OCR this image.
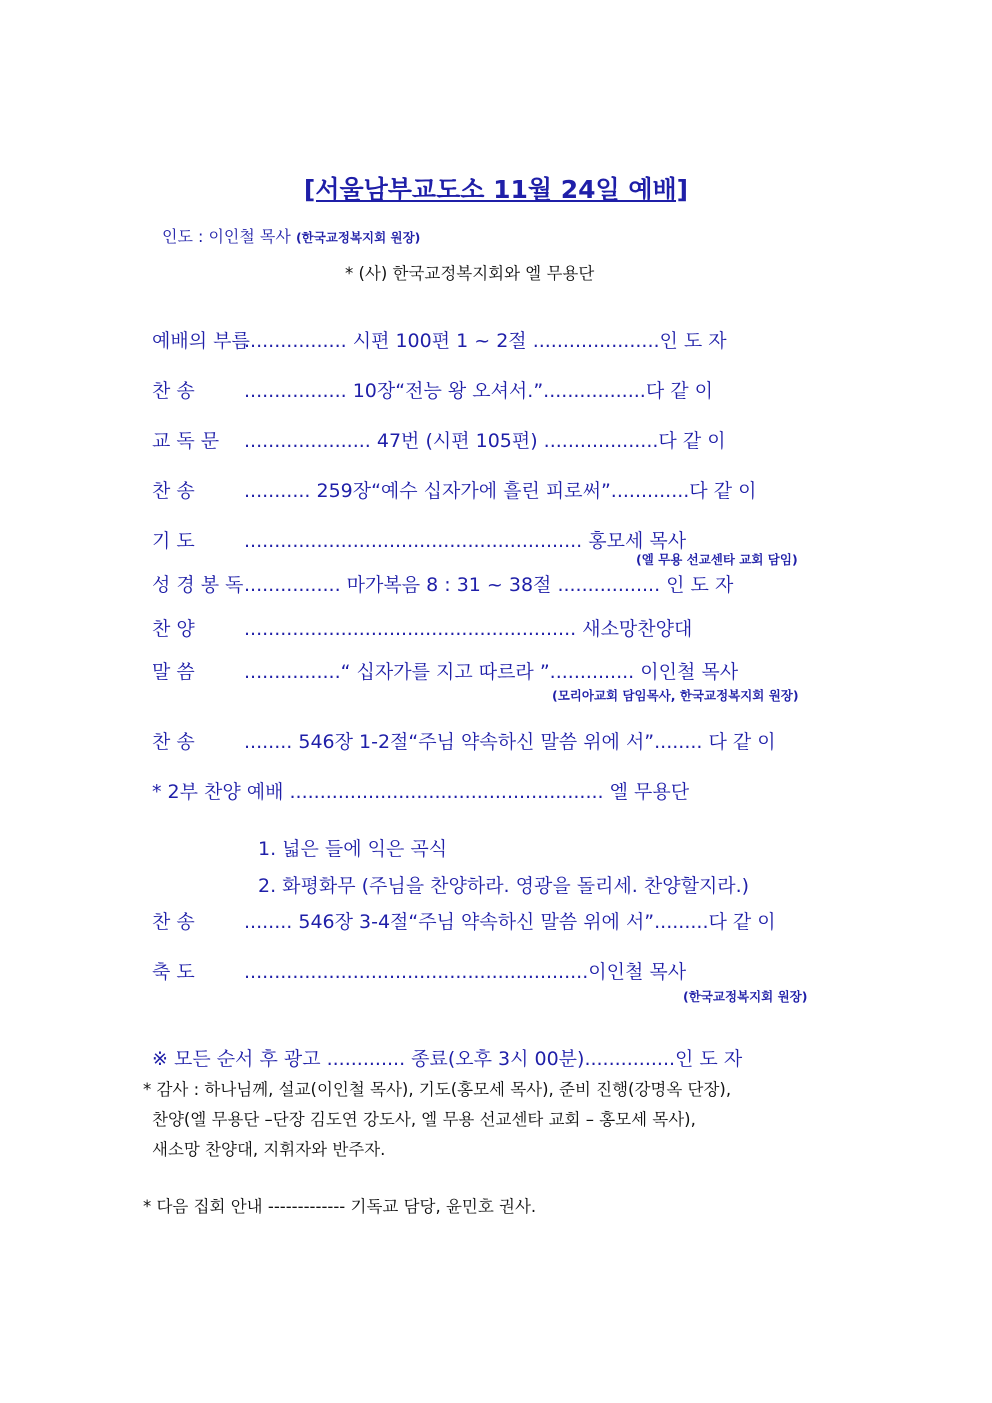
[서울남부교도소 11월 24일 예배]
인도 : 이인철 목사 (한국교정복지회 원장)
* (사) 한국교정복지회와 엘 무용단
예배의 부름................. 시편 100편 1 ~ 2절 .....................인 도 자
찬 송	................. 10장“전능 왕 오셔서.”.................다 같 이
교 독 문 ..................... 47번 (시편 105편) ...................다 같 이
찬 송	........... 259장“예수 십자가에 흘린 피로써”.............다 같 이
기 도	........................................................ 홍모세 목사
(엘 무용 선교센타 교회 담임)
성 경 봉 독................ 마가복음 8 : 31 ~ 38절 ................. 인 도 자
찬 양	....................................................... 새소망찬양대
말 씀	................“ 십자가를 지고 따르라 ”.............. 이인철 목사
(모리아교회 담임목사, 한국교정복지회 원장)
찬 송	........ 546장 1-2절“주님 약속하신 말씀 위에 서”........ 다 같 이
* 2부 찬양 예배 .................................................... 엘 무용단
1. 넓은 들에 익은 곡식
2. 화평화무 (주님을 찬양하라. 영광을 돌리세. 찬양할지라.)
찬 송	........ 546장 3-4절“주님 약속하신 말씀 위에 서”.........다 같 이
축 도	.........................................................이인철 목사
(한국교정복지회 원장)
※ 모든 순서 후 광고 ............. 종료(오후 3시 00분)...............인 도 자
* 감사 : 하나님께, 설교(이인철 목사), 기도(홍모세 목사), 준비 진행(강명옥 단장),
찬양(엘 무용단 –단장 김도연 강도사, 엘 무용 선교센타 교회 – 홍모세 목사),
새소망 찬양대, 지휘자와 반주자.
* 다음 집회 안내 ------------- 기독교 담당, 윤민호 권사.
